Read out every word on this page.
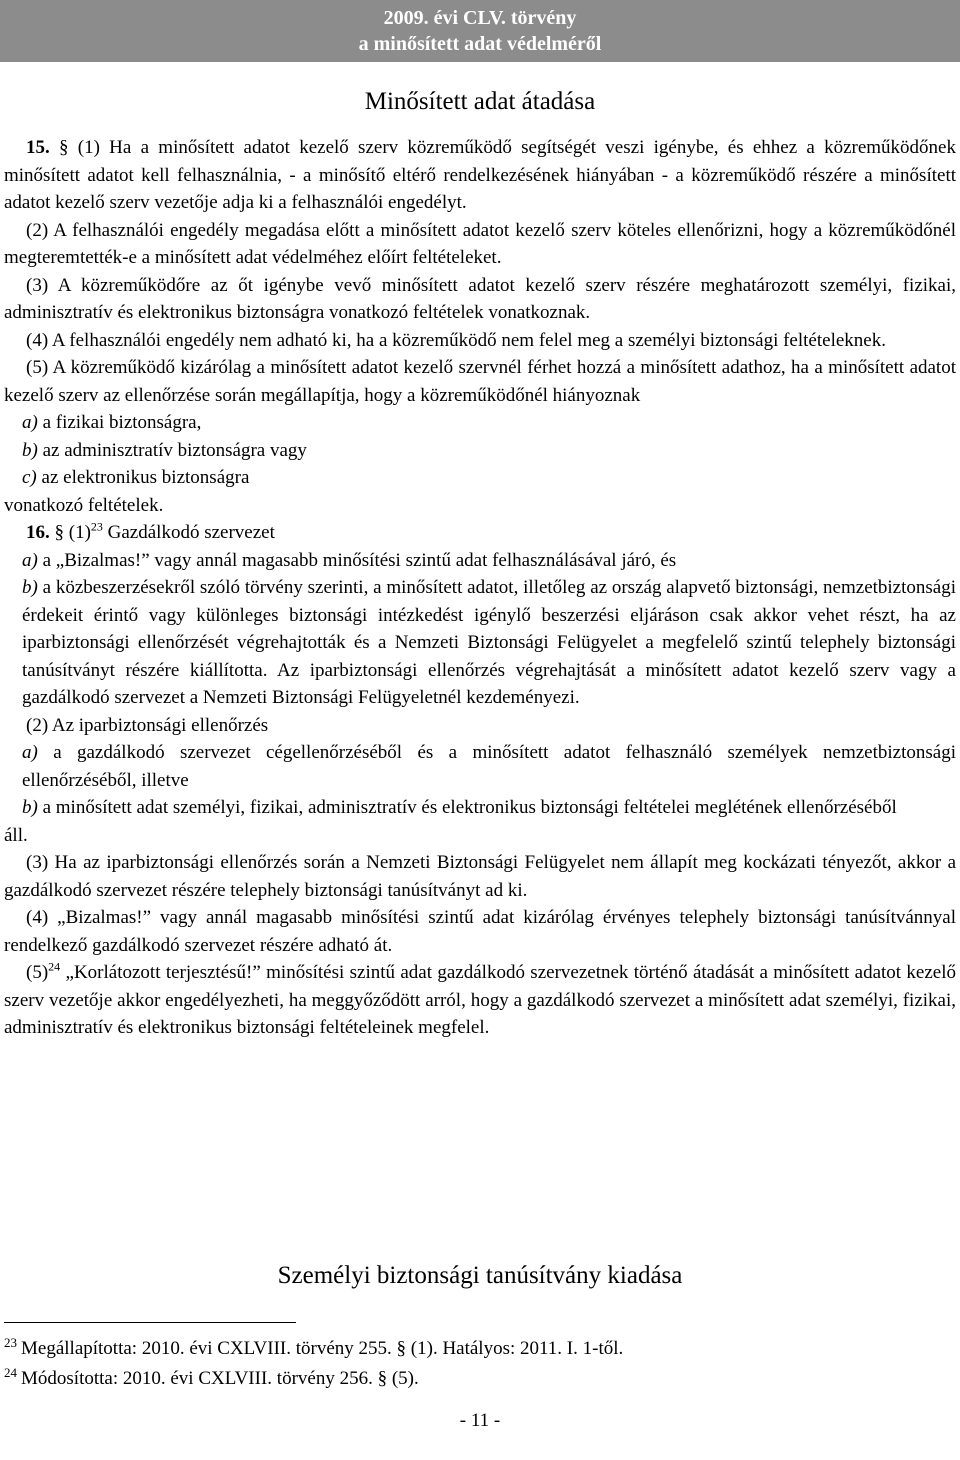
2009. évi CLV. törvény
a minősített adat védelméről
Minősített adat átadása

15. § (1) Ha a minősített adatot kezelő szerv közreműködő segítségét veszi igénybe, és ehhez a közreműködőnek minősített adatot kell felhasználnia, - a minősítő eltérő rendelkezésének hiányában - a közreműködő részére a minősített adatot kezelő szerv vezetője adja ki a felhasználói engedélyt.

(2) A felhasználói engedély megadása előtt a minősített adatot kezelő szerv köteles ellenőrizni, hogy a közreműködőnél megteremtették-e a minősített adat védelméhez előírt feltételeket.

(3) A közreműködőre az őt igénybe vevő minősített adatot kezelő szerv részére meghatározott személyi, fizikai, adminisztratív és elektronikus biztonságra vonatkozó feltételek vonatkoznak.

(4) A felhasználói engedély nem adható ki, ha a közreműködő nem felel meg a személyi biztonsági feltételeknek.

(5) A közreműködő kizárólag a minősített adatot kezelő szervnél férhet hozzá a minősített adathoz, ha a minősített adatot kezelő szerv az ellenőrzése során megállapítja, hogy a közreműködőnél hiányoznak

a) a fizikai biztonságra,

b) az adminisztratív biztonságra vagy

c) az elektronikus biztonságra

vonatkozó feltételek.

16. § $(1)^{23}$ Gazdálkodó szervezet

a) a „Bizalmas!” vagy annál magasabb minősítési szintű adat felhasználásával járó, és

b) a közbeszerzésekről szóló törvény szerinti, a minősített adatot, illetőleg az ország alapvető biztonsági, nemzetbiztonsági érdekeit érintő vagy különleges biztonsági intézkedést igénylő beszerzési eljáráson csak akkor vehet részt, ha az iparbiztonsági ellenőrzését végrehajtották és a Nemzeti Biztonsági Felügyelet a megfelelő szintű telephely biztonsági tanúsítványt részére kiállította. Az iparbiztonsági ellenőrzés végrehajtását a minősített adatot kezelő szerv vagy a gazdálkodó szervezet a Nemzeti Biztonsági Felügyeletnél kezdeményezi.

(2) Az iparbiztonsági ellenőrzés

a) a gazdálkodó szervezet cégellenőrzéséből és a minősített adatot felhasználó személyek nemzetbiztonsági ellenőrzéséből, illetve

b) a minősített adat személyi, fizikai, adminisztratív és elektronikus biztonsági feltételei meglétének ellenőrzéséből

áll.

(3) Ha az iparbiztonsági ellenőrzés során a Nemzeti Biztonsági Felügyelet nem állapít meg kockázati tényezőt, akkor a gazdálkodó szervezet részére telephely biztonsági tanúsítványt ad ki.

(4) „Bizalmas!” vagy annál magasabb minősítési szintű adat kizárólag érvényes telephely biztonsági tanúsítvánnyal rendelkező gazdálkodó szervezet részére adható át.

$(5)^{24}$ „Korlátozott terjesztésű!” minősítési szintű adat gazdálkodó szervezetnek történő átadását a minősített adatot kezelő szerv vezetője akkor engedélyezheti, ha meggyőződött arról, hogy a gazdálkodó szervezet a minősített adat személyi, fizikai, adminisztratív és elektronikus biztonsági feltételeinek megfelel.

Személyi biztonsági tanúsítvány kiadása
$^{23}$ Megállapította: 2010. évi CXLVIII. törvény 255. § (1). Hatályos: 2011. I. 1-től.
$^{24}$ Módosította: 2010. évi CXLVIII. törvény 256. § (5).
- 11 -
